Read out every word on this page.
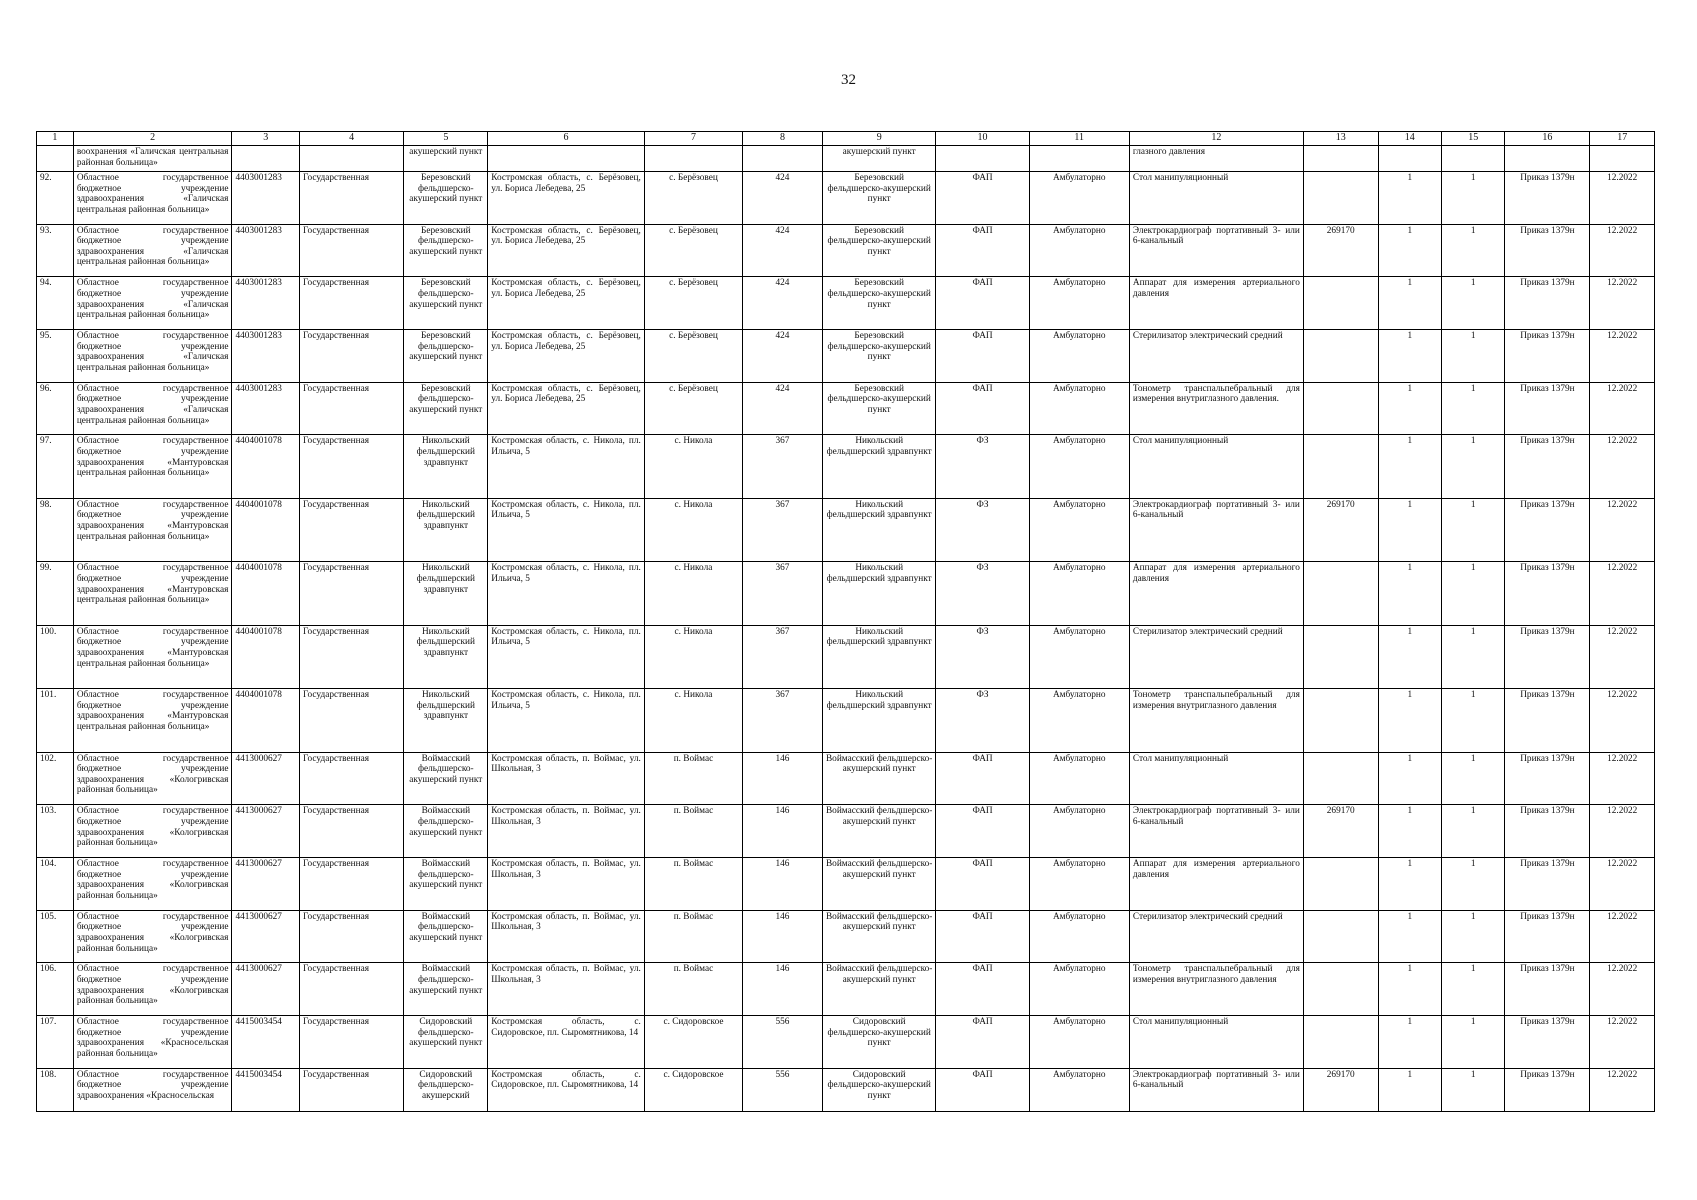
32
1	2	3	4	5	6	7	8	9	10	11	12	13	14	15	16	17
	воохранения «Галичская центральная районная больница»			акушерский пункт				акушерский пункт			глазного давления					
92.	Областное государственное бюджетное учреждение здравоохранения «Галичская центральная районная больница»	4403001283	Государственная	Березовский фельдшерско-акушерский пункт	Костромская область, с. Берёзовец, ул. Бориса Лебедева, 25	с. Берёзовец	424	Березовский фельдшерско-акушерский пункт	ФАП	Амбулаторно	Стол манипуляционный		1	1	Приказ 1379н	12.2022
93.	Областное государственное бюджетное учреждение здравоохранения «Галичская центральная районная больница»	4403001283	Государственная	Березовский фельдшерско-акушерский пункт	Костромская область, с. Берёзовец, ул. Бориса Лебедева, 25	с. Берёзовец	424	Березовский фельдшерско-акушерский пункт	ФАП	Амбулаторно	Электрокардиограф портативный 3- или 6-канальный	269170	1	1	Приказ 1379н	12.2022
94.	Областное государственное бюджетное учреждение здравоохранения «Галичская центральная районная больница»	4403001283	Государственная	Березовский фельдшерско-акушерский пункт	Костромская область, с. Берёзовец, ул. Бориса Лебедева, 25	с. Берёзовец	424	Березовский фельдшерско-акушерский пункт	ФАП	Амбулаторно	Аппарат для измерения артериального давления		1	1	Приказ 1379н	12.2022
95.	Областное государственное бюджетное учреждение здравоохранения «Галичская центральная районная больница»	4403001283	Государственная	Березовский фельдшерско-акушерский пункт	Костромская область, с. Берёзовец, ул. Бориса Лебедева, 25	с. Берёзовец	424	Березовский фельдшерско-акушерский пункт	ФАП	Амбулаторно	Стерилизатор электрический средний		1	1	Приказ 1379н	12.2022
96.	Областное государственное бюджетное учреждение здравоохранения «Галичская центральная районная больница»	4403001283	Государственная	Березовский фельдшерско-акушерский пункт	Костромская область, с. Берёзовец, ул. Бориса Лебедева, 25	с. Берёзовец	424	Березовский фельдшерско-акушерский пункт	ФАП	Амбулаторно	Тонометр транспальпебральный для измерения внутриглазного давления.		1	1	Приказ 1379н	12.2022
97.	Областное государственное бюджетное учреждение здравоохранения «Мантуровская центральная районная больница»	4404001078	Государственная	Никольский фельдшерский здравпункт	Костромская область, с. Никола, пл. Ильича, 5	с. Никола	367	Никольский фельдшерский здравпункт	ФЗ	Амбулаторно	Стол манипуляционный		1	1	Приказ 1379н	12.2022
98.	Областное государственное бюджетное учреждение здравоохранения «Мантуровская центральная районная больница»	4404001078	Государственная	Никольский фельдшерский здравпункт	Костромская область, с. Никола, пл. Ильича, 5	с. Никола	367	Никольский фельдшерский здравпункт	ФЗ	Амбулаторно	Электрокардиограф портативный 3- или 6-канальный	269170	1	1	Приказ 1379н	12.2022
99.	Областное государственное бюджетное учреждение здравоохранения «Мантуровская центральная районная больница»	4404001078	Государственная	Никольский фельдшерский здравпункт	Костромская область, с. Никола, пл. Ильича, 5	с. Никола	367	Никольский фельдшерский здравпункт	ФЗ	Амбулаторно	Аппарат для измерения артериального давления		1	1	Приказ 1379н	12.2022
100.	Областное государственное бюджетное учреждение здравоохранения «Мантуровская центральная районная больница»	4404001078	Государственная	Никольский фельдшерский здравпункт	Костромская область, с. Никола, пл. Ильича, 5	с. Никола	367	Никольский фельдшерский здравпункт	ФЗ	Амбулаторно	Стерилизатор электрический средний		1	1	Приказ 1379н	12.2022
101.	Областное государственное бюджетное учреждение здравоохранения «Мантуровская центральная районная больница»	4404001078	Государственная	Никольский фельдшерский здравпункт	Костромская область, с. Никола, пл. Ильича, 5	с. Никола	367	Никольский фельдшерский здравпункт	ФЗ	Амбулаторно	Тонометр транспальпебральный для измерения внутриглазного давления		1	1	Приказ 1379н	12.2022
102.	Областное государственное бюджетное учреждение здравоохранения «Кологривская районная больница»	4413000627	Государственная	Воймасский фельдшерско-акушерский пункт	Костромская область, п. Воймас, ул. Школьная, 3	п. Воймас	146	Воймасский фельдшерско-акушерский пункт	ФАП	Амбулаторно	Стол манипуляционный		1	1	Приказ 1379н	12.2022
103.	Областное государственное бюджетное учреждение здравоохранения «Кологривская районная больница»	4413000627	Государственная	Воймасский фельдшерско-акушерский пункт	Костромская область, п. Воймас, ул. Школьная, 3	п. Воймас	146	Воймасский фельдшерско-акушерский пункт	ФАП	Амбулаторно	Электрокардиограф портативный 3- или 6-канальный	269170	1	1	Приказ 1379н	12.2022
104.	Областное государственное бюджетное учреждение здравоохранения «Кологривская районная больница»	4413000627	Государственная	Воймасский фельдшерско-акушерский пункт	Костромская область, п. Воймас, ул. Школьная, 3	п. Воймас	146	Воймасский фельдшерско-акушерский пункт	ФАП	Амбулаторно	Аппарат для измерения артериального давления		1	1	Приказ 1379н	12.2022
105.	Областное государственное бюджетное учреждение здравоохранения «Кологривская районная больница»	4413000627	Государственная	Воймасский фельдшерско-акушерский пункт	Костромская область, п. Воймас, ул. Школьная, 3	п. Воймас	146	Воймасский фельдшерско-акушерский пункт	ФАП	Амбулаторно	Стерилизатор электрический средний		1	1	Приказ 1379н	12.2022
106.	Областное государственное бюджетное учреждение здравоохранения «Кологривская районная больница»	4413000627	Государственная	Воймасский фельдшерско-акушерский пункт	Костромская область, п. Воймас, ул. Школьная, 3	п. Воймас	146	Воймасский фельдшерско-акушерский пункт	ФАП	Амбулаторно	Тонометр транспальпебральный для измерения внутриглазного давления		1	1	Приказ 1379н	12.2022
107.	Областное государственное бюджетное учреждение здравоохранения «Красносельская районная больница»	4415003454	Государственная	Сидоровский фельдшерско-акушерский пункт	Костромская область, с. Сидоровское, пл. Сыромятникова, 14	с. Сидоровское	556	Сидоровский фельдшерско-акушерский пункт	ФАП	Амбулаторно	Стол манипуляционный		1	1	Приказ 1379н	12.2022
108.	Областное государственное бюджетное учреждение здравоохранения «Красносельская	4415003454	Государственная	Сидоровский фельдшерско-акушерский	Костромская область, с. Сидоровское, пл. Сыромятникова, 14	с. Сидоровское	556	Сидоровский фельдшерско-акушерский пункт	ФАП	Амбулаторно	Электрокардиограф портативный 3- или 6-канальный	269170	1	1	Приказ 1379н	12.2022
